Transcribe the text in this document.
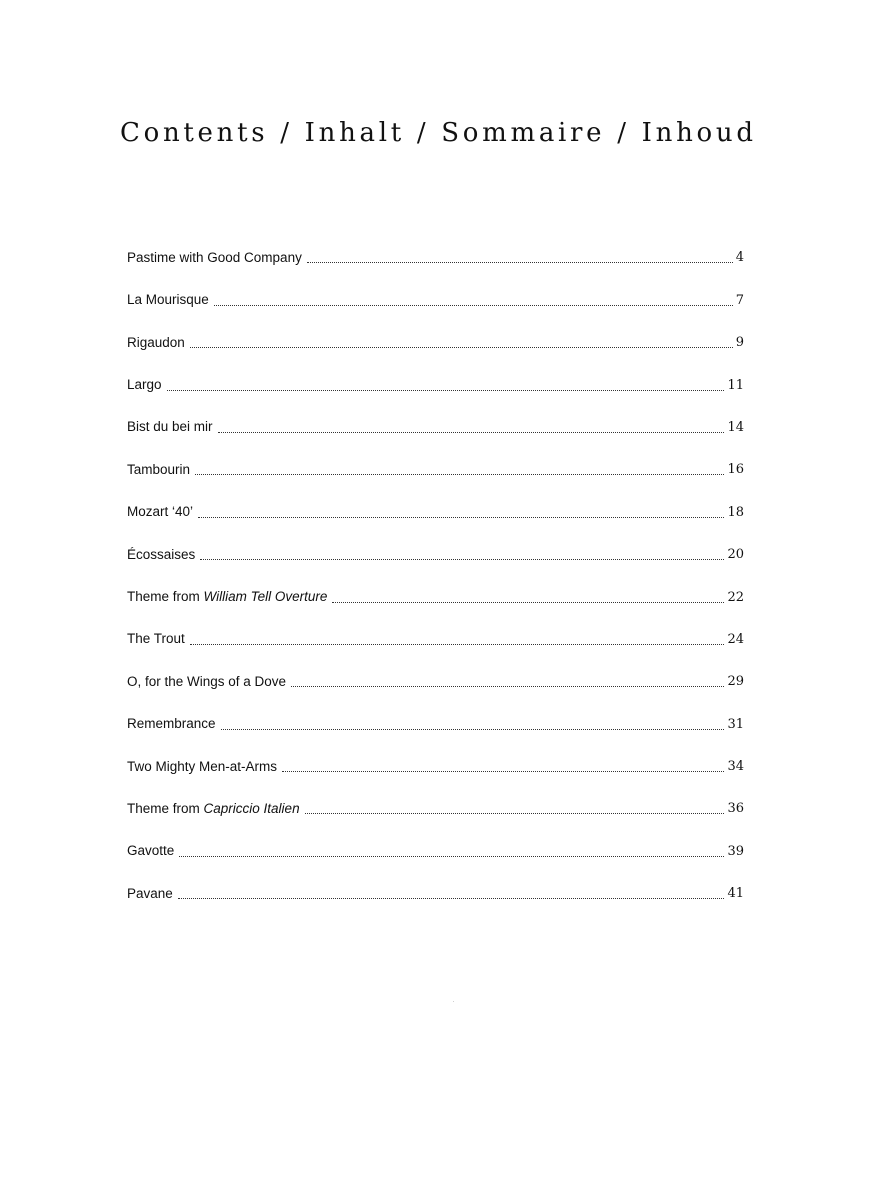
Contents / Inhalt / Sommaire / Inhoud
Pastime with Good Company	4
La Mourisque	7
Rigaudon	9
Largo	11
Bist du bei mir	14
Tambourin	16
Mozart ‘40’	18
Écossaises	20
Theme from William Tell Overture	22
The Trout	24
O, for the Wings of a Dove	29
Remembrance	31
Two Mighty Men-at-Arms	34
Theme from Capriccio Italien	36
Gavotte	39
Pavane	41
